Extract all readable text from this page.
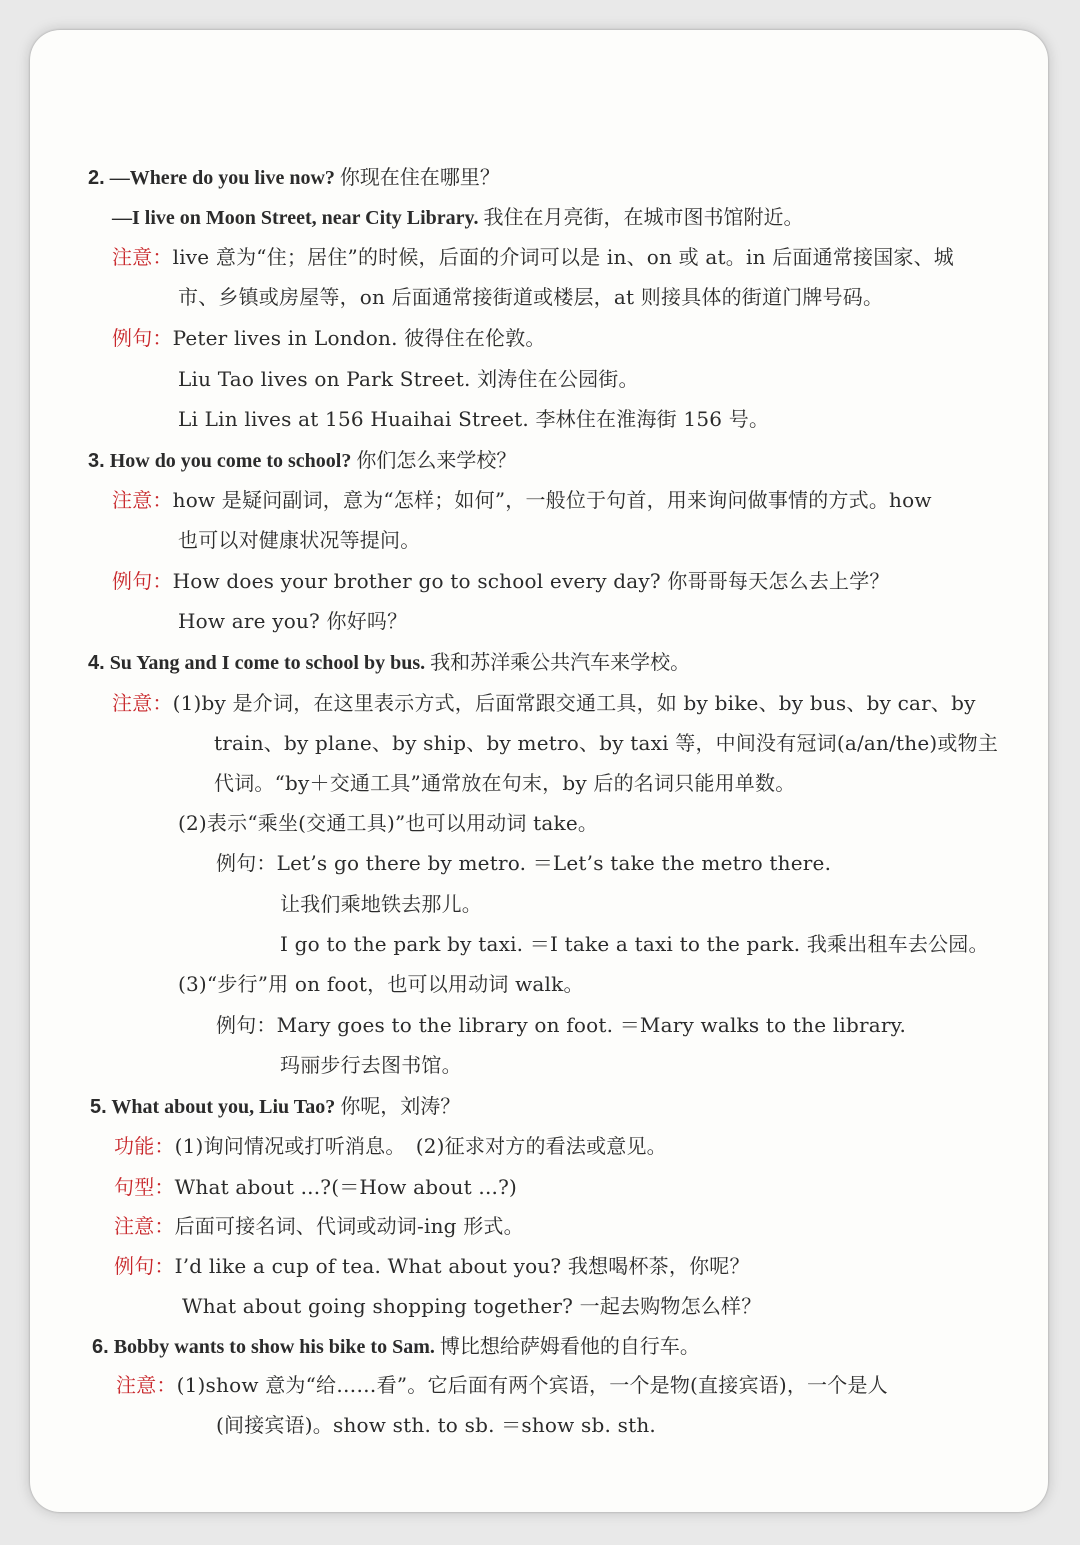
2. —Where do you live now? 你现在住在哪里？
—I live on Moon Street, near City Library. 我住在月亮街，在城市图书馆附近。
注意：live 意为“住；居住”的时候，后面的介词可以是 in、on 或 at。in 后面通常接国家、城
市、乡镇或房屋等，on 后面通常接街道或楼层，at 则接具体的街道门牌号码。
例句：Peter lives in London. 彼得住在伦敦。
Liu Tao lives on Park Street. 刘涛住在公园街。
Li Lin lives at 156 Huaihai Street. 李林住在淮海街 156 号。
3. How do you come to school? 你们怎么来学校？
注意：how 是疑问副词，意为“怎样；如何”，一般位于句首，用来询问做事情的方式。how
也可以对健康状况等提问。
例句：How does your brother go to school every day? 你哥哥每天怎么去上学？
How are you? 你好吗？
4. Su Yang and I come to school by bus. 我和苏洋乘公共汽车来学校。
注意：(1)by 是介词，在这里表示方式，后面常跟交通工具，如 by bike、by bus、by car、by
train、by plane、by ship、by metro、by taxi 等，中间没有冠词(a/an/the)或物主
代词。“by＋交通工具”通常放在句末，by 后的名词只能用单数。
(2)表示“乘坐(交通工具)”也可以用动词 take。
例句：Let’s go there by metro. ＝Let’s take the metro there.
让我们乘地铁去那儿。
I go to the park by taxi. ＝I take a taxi to the park. 我乘出租车去公园。
(3)“步行”用 on foot，也可以用动词 walk。
例句：Mary goes to the library on foot. ＝Mary walks to the library.
玛丽步行去图书馆。
5. What about you, Liu Tao? 你呢，刘涛？
功能：(1)询问情况或打听消息。　(2)征求对方的看法或意见。
句型：What about ...?(＝How about ...?)
注意：后面可接名词、代词或动词-ing 形式。
例句：I’d like a cup of tea. What about you? 我想喝杯茶，你呢？
What about going shopping together? 一起去购物怎么样？
6. Bobby wants to show his bike to Sam. 博比想给萨姆看他的自行车。
注意：(1)show 意为“给……看”。它后面有两个宾语，一个是物(直接宾语)，一个是人
(间接宾语)。show sth. to sb. ＝show sb. sth.
